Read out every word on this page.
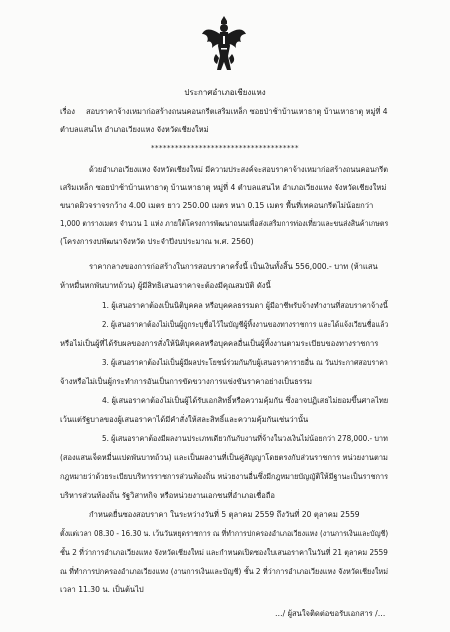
ประกาศอำเภอเชียงแหง
เรื่อง สอบราคาจ้างเหมาก่อสร้างถนนคอนกรีตเสริมเหล็ก ซอยป่าช้าบ้านเหาธาตุ บ้านเหาธาตุ หมู่ที่ 4
ตำบลแสนไห อำเภอเวียงแหง จังหวัดเชียงใหม่
*************************************
ด้วยอำเภอเวียงแหง จังหวัดเชียงใหม่ มีความประสงค์จะสอบราคาจ้างเหมาก่อสร้างถนนคอนกรีต
เสริมเหล็ก ซอยป่าช้าบ้านเหาธาตุ บ้านเหาธาตุ หมู่ที่ 4 ตำบลแสนไห อำเภอเวียงแหง จังหวัดเชียงใหม่
ขนาดผิวจราจรกว้าง 4.00 เมตร ยาว 250.00 เมตร หนา 0.15 เมตร พื้นที่เทคอนกรีตไม่น้อยกว่า
1,000 ตารางเมตร จำนวน 1 แห่ง ภายใต้โครงการพัฒนาถนนเพื่อส่งเสริมการท่องเที่ยวและขนส่งสินค้าเกษตร
(โครงการงบพัฒนาจังหวัด ประจำปีงบประมาณ พ.ศ. 2560)
ราคากลางของการก่อสร้างในการสอบราคาครั้งนี้ เป็นเงินทั้งสิ้น 556,000.- บาท (ห้าแสน
ห้าหมื่นหกพันบาทถ้วน) ผู้มีสิทธิเสนอราคาจะต้องมีคุณสมบัติ ดังนี้
1. ผู้เสนอราคาต้องเป็นนิติบุคคล หรือบุคคลธรรมดา ผู้มีอาชีพรับจ้างทำงานที่สอบราคาจ้างนี้
2. ผู้เสนอราคาต้องไม่เป็นผู้ถูกระบุชื่อไว้ในบัญชีผู้ทิ้งงานของทางราชการ และได้แจ้งเวียนชื่อแล้ว
หรือไม่เป็นผู้ที่ได้รับผลของการสั่งให้นิติบุคคลหรือบุคคลอื่นเป็นผู้ทิ้งงานตามระเบียบของทางราชการ
3. ผู้เสนอราคาต้องไม่เป็นผู้มีผลประโยชน์ร่วมกันกับผู้เสนอราคารายอื่น ณ วันประกาศสอบราคา
จ้างหรือไม่เป็นผู้กระทำการอันเป็นการขัดขวางการแข่งขันราคาอย่างเป็นธรรม
4. ผู้เสนอราคาต้องไม่เป็นผู้ได้รับเอกสิทธิ์หรือความคุ้มกัน ซึ่งอาจปฏิเสธไม่ยอมขึ้นศาลไทย
เว้นแต่รัฐบาลของผู้เสนอราคาได้มีคำสั่งให้สละสิทธิ์และความคุ้มกันเช่นว่านั้น
5. ผู้เสนอราคาต้องมีผลงานประเภทเดียวกันกับงานที่จ้างในวงเงินไม่น้อยกว่า 278,000.- บาท
(สองแสนเจ็ดหมื่นแปดพันบาทถ้วน) และเป็นผลงานที่เป็นคู่สัญญาโดยตรงกับส่วนราชการ หน่วยงานตาม
กฎหมายว่าด้วยระเบียบบริหารราชการส่วนท้องถิ่น หน่วยงานอื่นซึ่งมีกฎหมายบัญญัติให้มีฐานะเป็นราชการ
บริหารส่วนท้องถิ่น รัฐวิสาหกิจ หรือหน่วยงานเอกชนที่อำเภอเชื่อถือ
กำหนดยื่นซองสอบราคา ในระหว่างวันที่ 5 ตุลาคม 2559 ถึงวันที่ 20 ตุลาคม 2559
ตั้งแต่เวลา 08.30 - 16.30 น. เว้นวันหยุดราชการ ณ ที่ทำการปกครองอำเภอเวียงแหง (งานการเงินและบัญชี)
ชั้น 2 ที่ว่าการอำเภอเวียงแหง จังหวัดเชียงใหม่ และกำหนดเปิดซองใบเสนอราคาในวันที่ 21 ตุลาคม 2559
ณ ที่ทำการปกครองอำเภอเวียงแหง (งานการเงินและบัญชี) ชั้น 2 ที่ว่าการอำเภอเวียงแหง จังหวัดเชียงใหม่
เวลา 11.30 น. เป็นต้นไป
…/ ผู้สนใจติดต่อขอรับเอกสาร /…
